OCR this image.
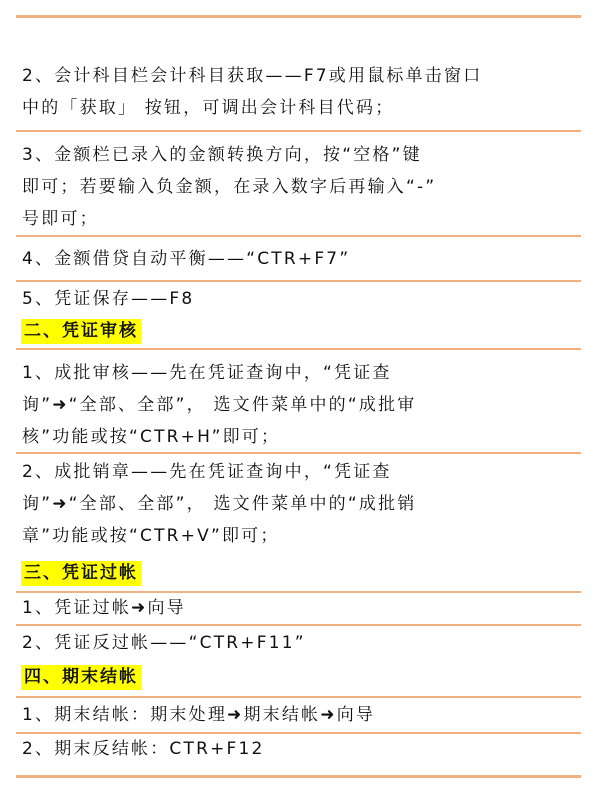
2、会计科目栏会计科目获取——F7或用鼠标单击窗口
中的「获取」 按钮，可调出会计科目代码；
3、金额栏已录入的金额转换方向，按“空格”键
即可；若要输入负金额，在录入数字后再输入“-”
号即可；
4、金额借贷自动平衡——“CTR+F7”
5、凭证保存——F8
二、凭证审核
1、成批审核——先在凭证查询中，“凭证查
询”➜“全部、全部”， 选文件菜单中的“成批审
核”功能或按“CTR+H”即可；
2、成批销章——先在凭证查询中，“凭证查
询”➜“全部、全部”， 选文件菜单中的“成批销
章”功能或按“CTR+V”即可；
三、凭证过帐
1、凭证过帐➜向导
2、凭证反过帐——“CTR+F11”
四、期末结帐
1、期末结帐：期末处理➜期末结帐➜向导
2、期末反结帐：CTR+F12
